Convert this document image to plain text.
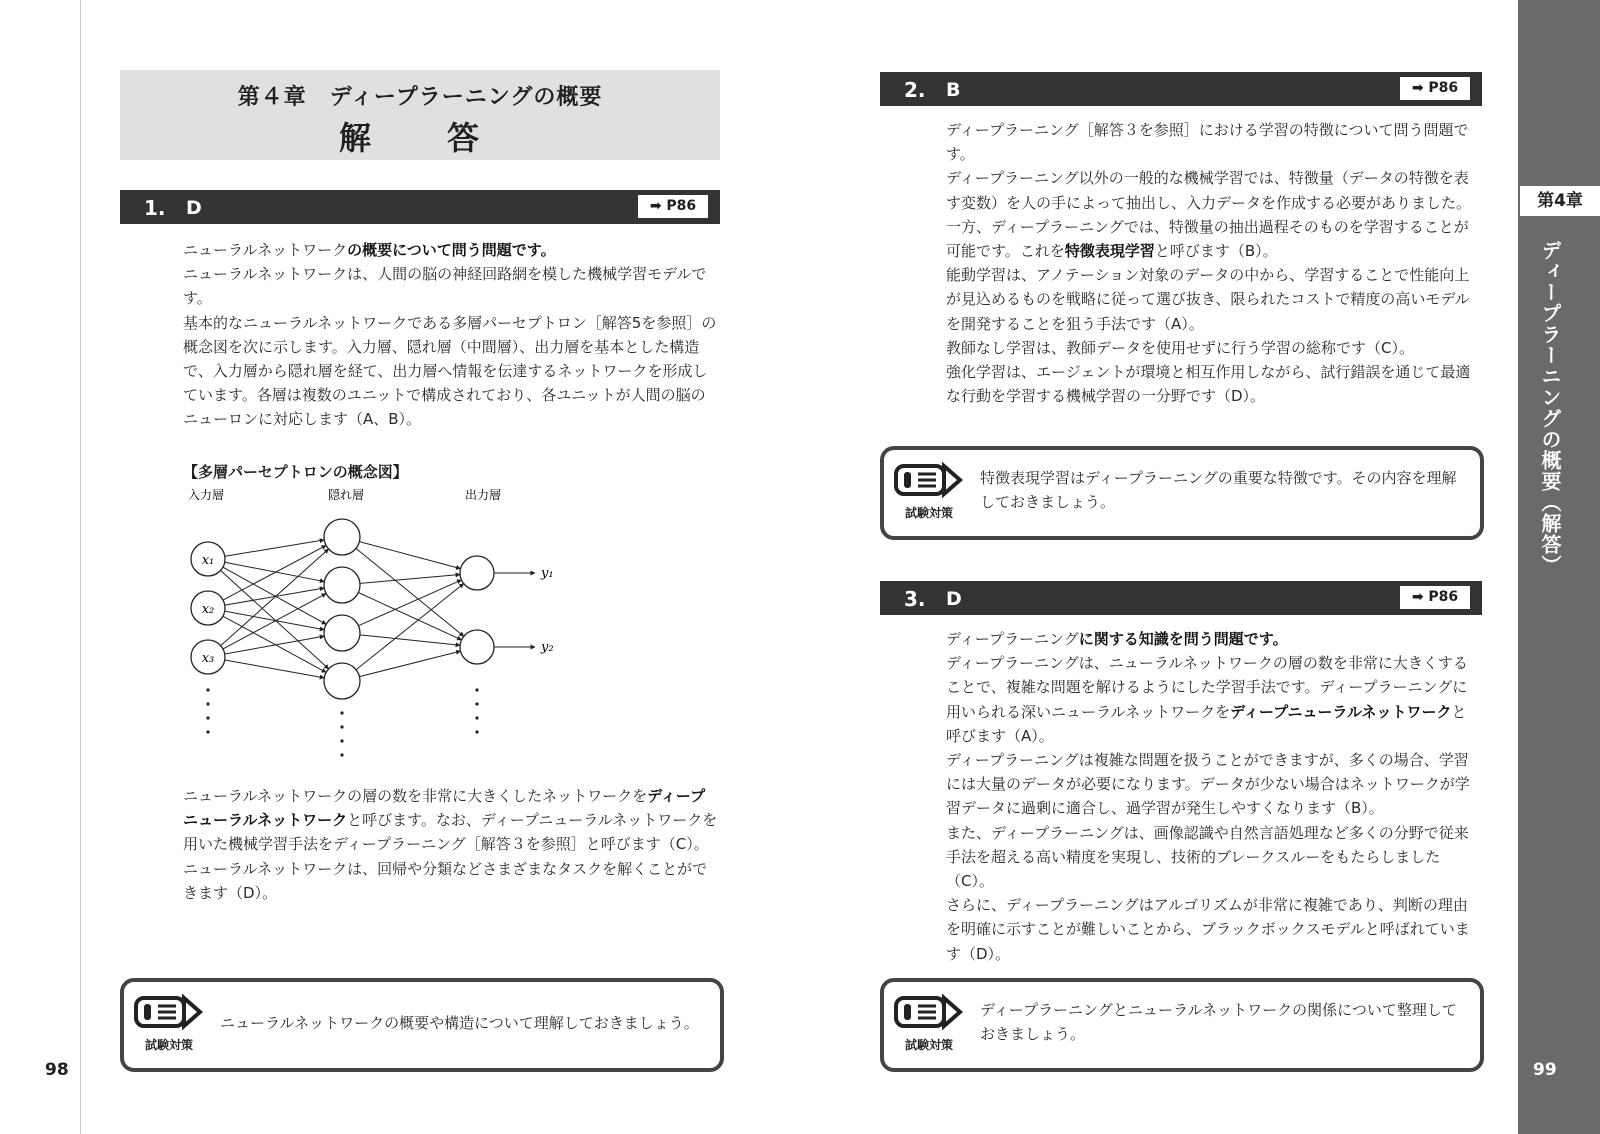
第４章　ディープラーニングの概要
解　答
1. D	➡ P86

ニューラルネットワークの概要について問う問題です。

ニューラルネットワークは、人間の脳の神経回路網を模した機械学習モデルです。

基本的なニューラルネットワークである多層パーセプトロン［解答5を参照］の概念図を次に示します。入力層、隠れ層（中間層）、出力層を基本とした構造で、入力層から隠れ層を経て、出力層へ情報を伝達するネットワークを形成しています。各層は複数のユニットで構成されており、各ユニットが人間の脳のニューロンに対応します（A、B）。

【多層パーセプトロンの概念図】
入力層	隠れ層	出力層
x₁
x₂
x₃
y₁
y₂

ニューラルネットワークの層の数を非常に大きくしたネットワークをディープニューラルネットワークと呼びます。なお、ディープニューラルネットワークを用いた機械学習手法をディープラーニング［解答３を参照］と呼びます（C）。

ニューラルネットワークは、回帰や分類などさまざまなタスクを解くことができます（D）。

試験対策
ニューラルネットワークの概要や構造について理解しておきましょう。
98
2. B	➡ P86

ディープラーニング［解答３を参照］における学習の特徴について問う問題です。

ディープラーニング以外の一般的な機械学習では、特徴量（データの特徴を表す変数）を人の手によって抽出し、入力データを作成する必要がありました。一方、ディープラーニングでは、特徴量の抽出過程そのものを学習することが可能です。これを特徴表現学習と呼びます（B）。

能動学習は、アノテーション対象のデータの中から、学習することで性能向上が見込めるものを戦略に従って選び抜き、限られたコストで精度の高いモデルを開発することを狙う手法です（A）。

教師なし学習は、教師データを使用せずに行う学習の総称です（C）。

強化学習は、エージェントが環境と相互作用しながら、試行錯誤を通じて最適な行動を学習する機械学習の一分野です（D）。

試験対策
特徴表現学習はディープラーニングの重要な特徴です。その内容を理解しておきましょう。
3. D	➡ P86

ディープラーニングに関する知識を問う問題です。

ディープラーニングは、ニューラルネットワークの層の数を非常に大きくすることで、複雑な問題を解けるようにした学習手法です。ディープラーニングに用いられる深いニューラルネットワークをディープニューラルネットワークと呼びます（A）。

ディープラーニングは複雑な問題を扱うことができますが、多くの場合、学習には大量のデータが必要になります。データが少ない場合はネットワークが学習データに過剰に適合し、過学習が発生しやすくなります（B）。

また、ディープラーニングは、画像認識や自然言語処理など多くの分野で従来手法を超える高い精度を実現し、技術的ブレークスルーをもたらしました（C）。

さらに、ディープラーニングはアルゴリズムが非常に複雑であり、判断の理由を明確に示すことが難しいことから、ブラックボックスモデルと呼ばれています（D）。

試験対策
ディープラーニングとニューラルネットワークの関係について整理しておきましょう。
第4章
ディープラーニングの概要（解答）
99
